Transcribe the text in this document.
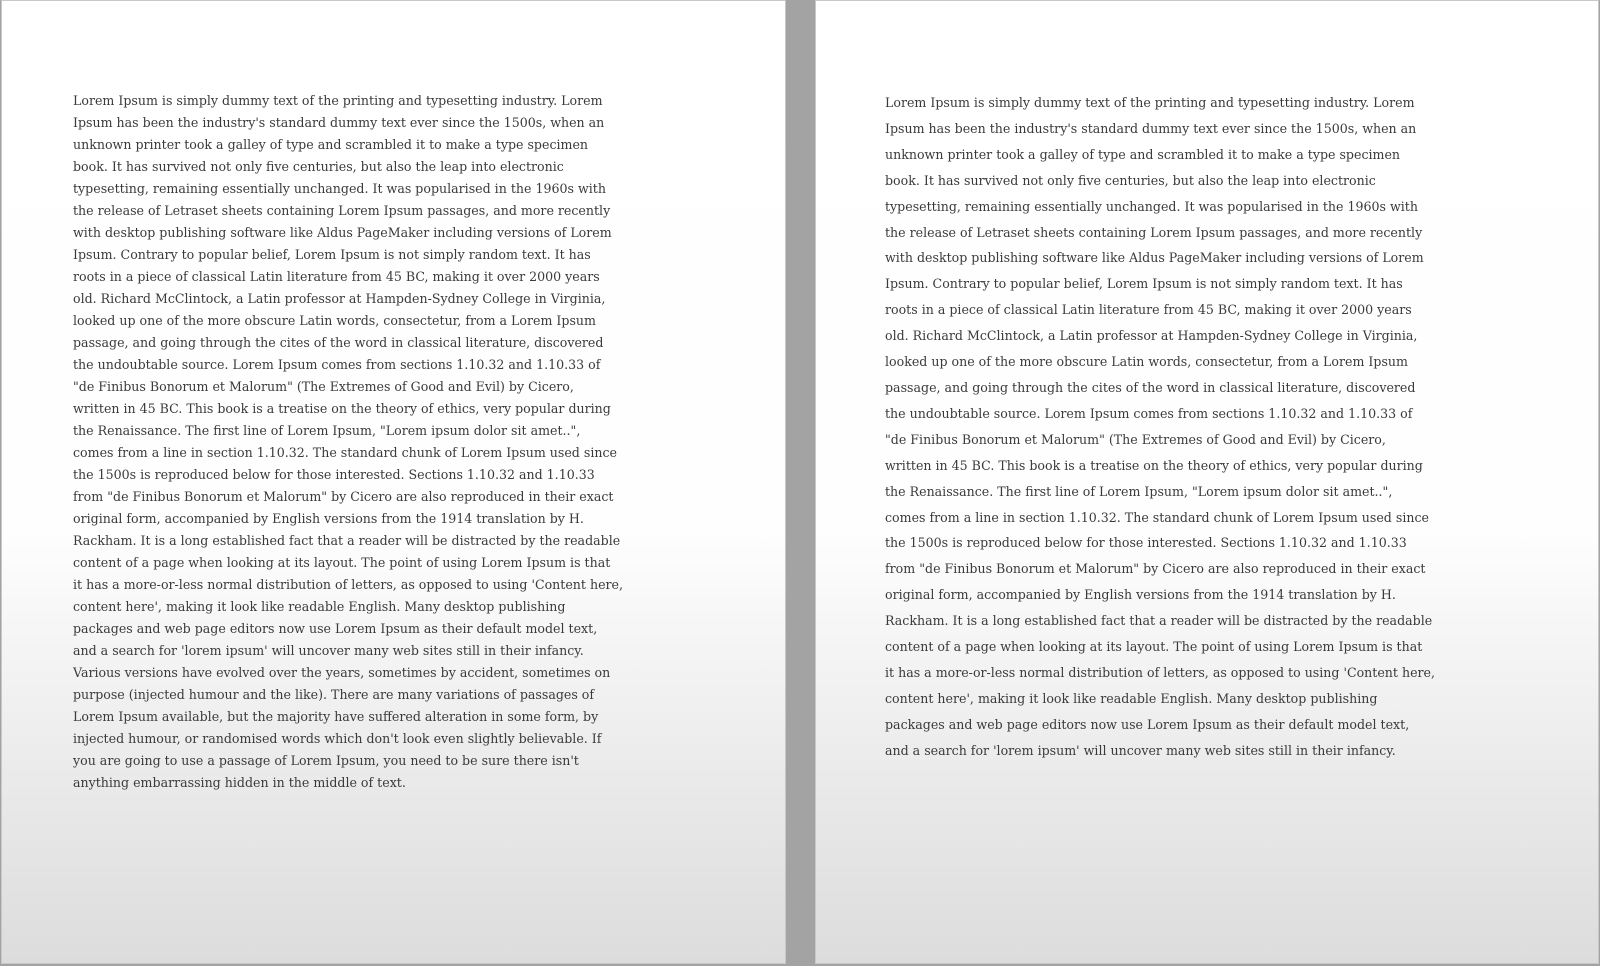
Lorem Ipsum is simply dummy text of the printing and typesetting industry. Lorem Ipsum has been the industry's standard dummy text ever since the 1500s, when an unknown printer took a galley of type and scrambled it to make a type specimen book. It has survived not only five centuries, but also the leap into electronic typesetting, remaining essentially unchanged. It was popularised in the 1960s with the release of Letraset sheets containing Lorem Ipsum passages, and more recently with desktop publishing software like Aldus PageMaker including versions of Lorem Ipsum. Contrary to popular belief, Lorem Ipsum is not simply random text. It has roots in a piece of classical Latin literature from 45 BC, making it over 2000 years old. Richard McClintock, a Latin professor at Hampden-Sydney College in Virginia, looked up one of the more obscure Latin words, consectetur, from a Lorem Ipsum passage, and going through the cites of the word in classical literature, discovered the undoubtable source. Lorem Ipsum comes from sections 1.10.32 and 1.10.33 of "de Finibus Bonorum et Malorum" (The Extremes of Good and Evil) by Cicero, written in 45 BC. This book is a treatise on the theory of ethics, very popular during the Renaissance. The first line of Lorem Ipsum, "Lorem ipsum dolor sit amet..", comes from a line in section 1.10.32. The standard chunk of Lorem Ipsum used since the 1500s is reproduced below for those interested. Sections 1.10.32 and 1.10.33 from "de Finibus Bonorum et Malorum" by Cicero are also reproduced in their exact original form, accompanied by English versions from the 1914 translation by H. Rackham. It is a long established fact that a reader will be distracted by the readable content of a page when looking at its layout. The point of using Lorem Ipsum is that it has a more-or-less normal distribution of letters, as opposed to using 'Content here, content here', making it look like readable English. Many desktop publishing packages and web page editors now use Lorem Ipsum as their default model text, and a search for 'lorem ipsum' will uncover many web sites still in their infancy. Various versions have evolved over the years, sometimes by accident, sometimes on purpose (injected humour and the like). There are many variations of passages of Lorem Ipsum available, but the majority have suffered alteration in some form, by injected humour, or randomised words which don't look even slightly believable. If you are going to use a passage of Lorem Ipsum, you need to be sure there isn't anything embarrassing hidden in the middle of text.

Lorem Ipsum is simply dummy text of the printing and typesetting industry. Lorem Ipsum has been the industry's standard dummy text ever since the 1500s, when an unknown printer took a galley of type and scrambled it to make a type specimen book. It has survived not only five centuries, but also the leap into electronic typesetting, remaining essentially unchanged. It was popularised in the 1960s with the release of Letraset sheets containing Lorem Ipsum passages, and more recently with desktop publishing software like Aldus PageMaker including versions of Lorem Ipsum. Contrary to popular belief, Lorem Ipsum is not simply random text. It has roots in a piece of classical Latin literature from 45 BC, making it over 2000 years old. Richard McClintock, a Latin professor at Hampden-Sydney College in Virginia, looked up one of the more obscure Latin words, consectetur, from a Lorem Ipsum passage, and going through the cites of the word in classical literature, discovered the undoubtable source. Lorem Ipsum comes from sections 1.10.32 and 1.10.33 of "de Finibus Bonorum et Malorum" (The Extremes of Good and Evil) by Cicero, written in 45 BC. This book is a treatise on the theory of ethics, very popular during the Renaissance. The first line of Lorem Ipsum, "Lorem ipsum dolor sit amet..", comes from a line in section 1.10.32. The standard chunk of Lorem Ipsum used since the 1500s is reproduced below for those interested. Sections 1.10.32 and 1.10.33 from "de Finibus Bonorum et Malorum" by Cicero are also reproduced in their exact original form, accompanied by English versions from the 1914 translation by H. Rackham. It is a long established fact that a reader will be distracted by the readable content of a page when looking at its layout. The point of using Lorem Ipsum is that it has a more-or-less normal distribution of letters, as opposed to using 'Content here, content here', making it look like readable English. Many desktop publishing packages and web page editors now use Lorem Ipsum as their default model text, and a search for 'lorem ipsum' will uncover many web sites still in their infancy.
